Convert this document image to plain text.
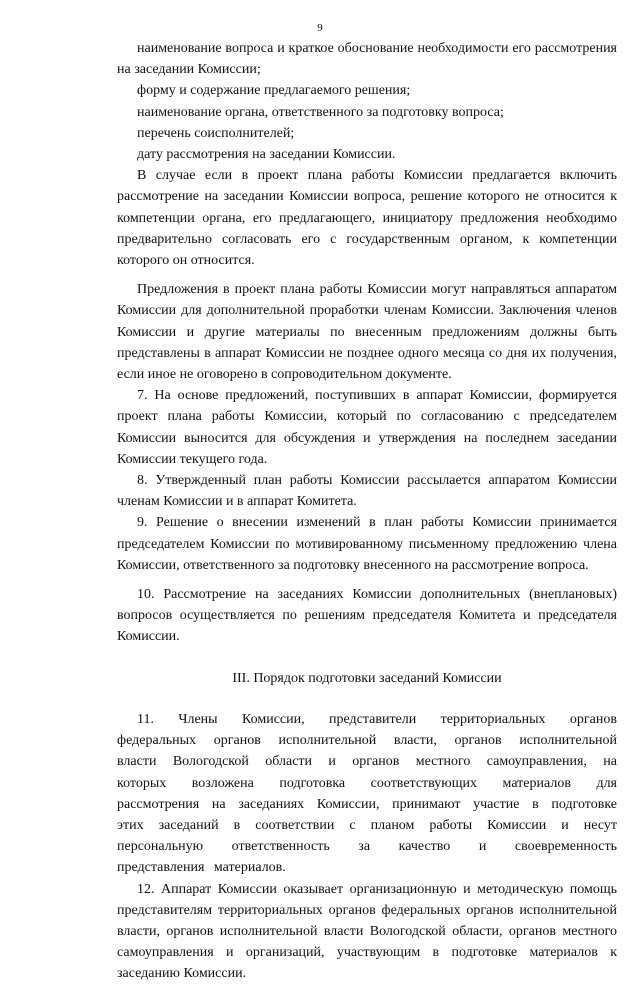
9

наименование вопроса и краткое обоснование необходимости его рассмотрения на заседании Комиссии;

форму и содержание предлагаемого решения;

наименование органа, ответственного за подготовку вопроса;

перечень соисполнителей;

дату рассмотрения на заседании Комиссии.

В случае если в проект плана работы Комиссии предлагается включить рассмотрение на заседании Комиссии вопроса, решение которого не относится к компетенции органа, его предлагающего, инициатору предложения необходимо предварительно согласовать его с государственным органом, к компетенции которого он относится.

Предложения в проект плана работы Комиссии могут направляться аппаратом Комиссии для дополнительной проработки членам Комиссии. Заключения членов Комиссии и другие материалы по внесенным предложениям должны быть представлены в аппарат Комиссии не позднее одного месяца со дня их получения, если иное не оговорено в сопроводительном документе.

7. На основе предложений, поступивших в аппарат Комиссии, формируется проект плана работы Комиссии, который по согласованию с председателем Комиссии выносится для обсуждения и утверждения на последнем заседании Комиссии текущего года.

8. Утвержденный план работы Комиссии рассылается аппаратом Комиссии членам Комиссии и в аппарат Комитета.

9. Решение о внесении изменений в план работы Комиссии принимается председателем Комиссии по мотивированному письменному предложению члена Комиссии, ответственного за подготовку внесенного на рассмотрение вопроса.

10. Рассмотрение на заседаниях Комиссии дополнительных (внеплановых) вопросов осуществляется по решениям председателя Комитета и председателя Комиссии.

III. Порядок подготовки заседаний Комиссии

11. Члены Комиссии, представители территориальных органов федеральных органов исполнительной власти, органов исполнительной власти Вологодской области и органов местного самоуправления, на которых возложена подготовка соответствующих материалов для рассмотрения на заседаниях Комиссии, принимают участие в подготовке этих заседаний в соответствии с планом работы Комиссии и несут персональную ответственность за качество и своевременность представления материалов.

12. Аппарат Комиссии оказывает организационную и методическую помощь представителям территориальных органов федеральных органов исполнительной власти, органов исполнительной власти Вологодской области, органов местного самоуправления и организаций, участвующим в подготовке материалов к заседанию Комиссии.
